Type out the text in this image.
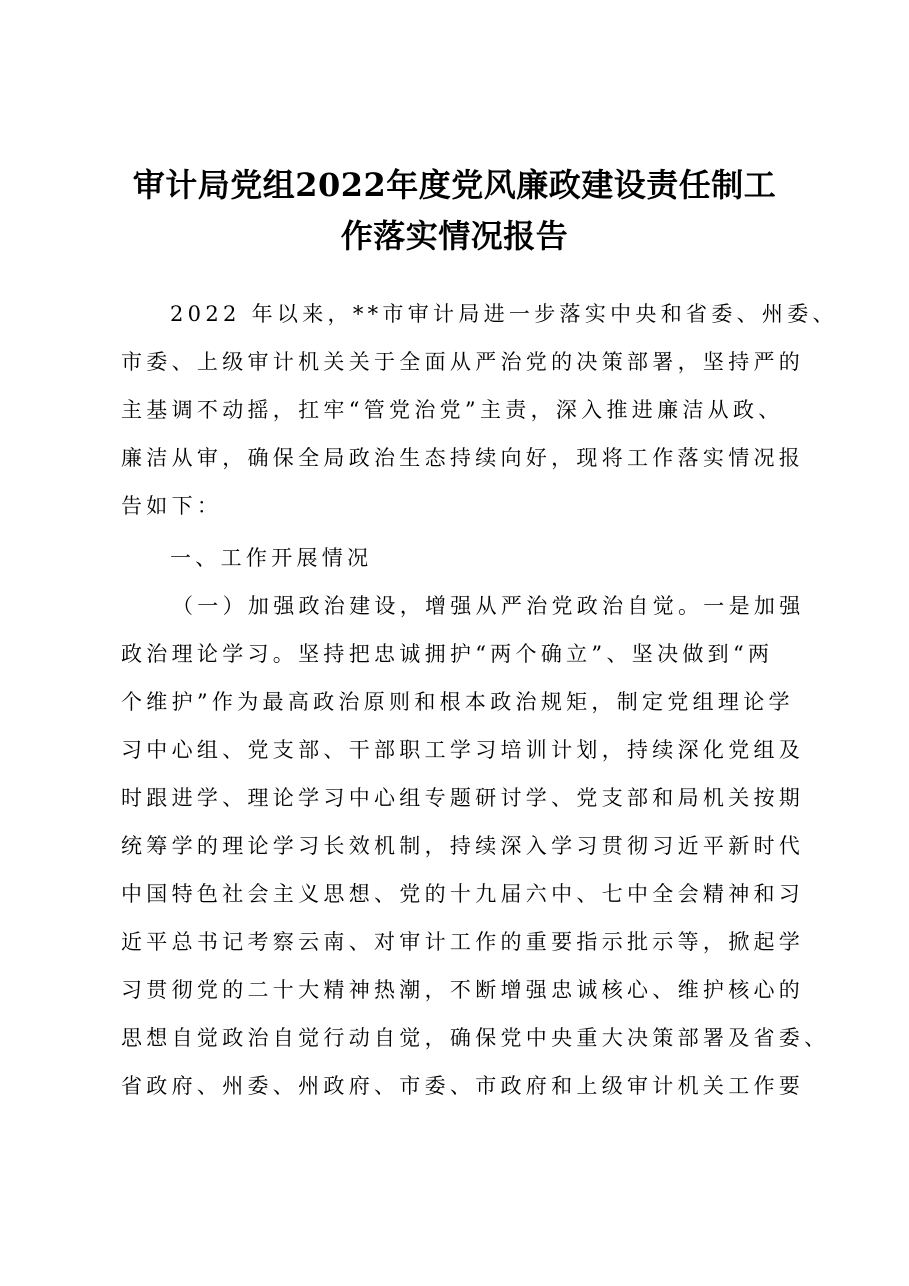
审计局党组2022年度党风廉政建设责任制工
作落实情况报告
2022 年以来，**市审计局进一步落实中央和省委、州委、
市委、上级审计机关关于全面从严治党的决策部署，坚持严的
主基调不动摇，扛牢“管党治党”主责，深入推进廉洁从政、
廉洁从审，确保全局政治生态持续向好，现将工作落实情况报
告如下：
一、工作开展情况
（一）加强政治建设，增强从严治党政治自觉。一是加强
政治理论学习。坚持把忠诚拥护“两个确立”、坚决做到“两
个维护”作为最高政治原则和根本政治规矩，制定党组理论学
习中心组、党支部、干部职工学习培训计划，持续深化党组及
时跟进学、理论学习中心组专题研讨学、党支部和局机关按期
统筹学的理论学习长效机制，持续深入学习贯彻习近平新时代
中国特色社会主义思想、党的十九届六中、七中全会精神和习
近平总书记考察云南、对审计工作的重要指示批示等，掀起学
习贯彻党的二十大精神热潮，不断增强忠诚核心、维护核心的
思想自觉政治自觉行动自觉，确保党中央重大决策部署及省委、
省政府、州委、州政府、市委、市政府和上级审计机关工作要
